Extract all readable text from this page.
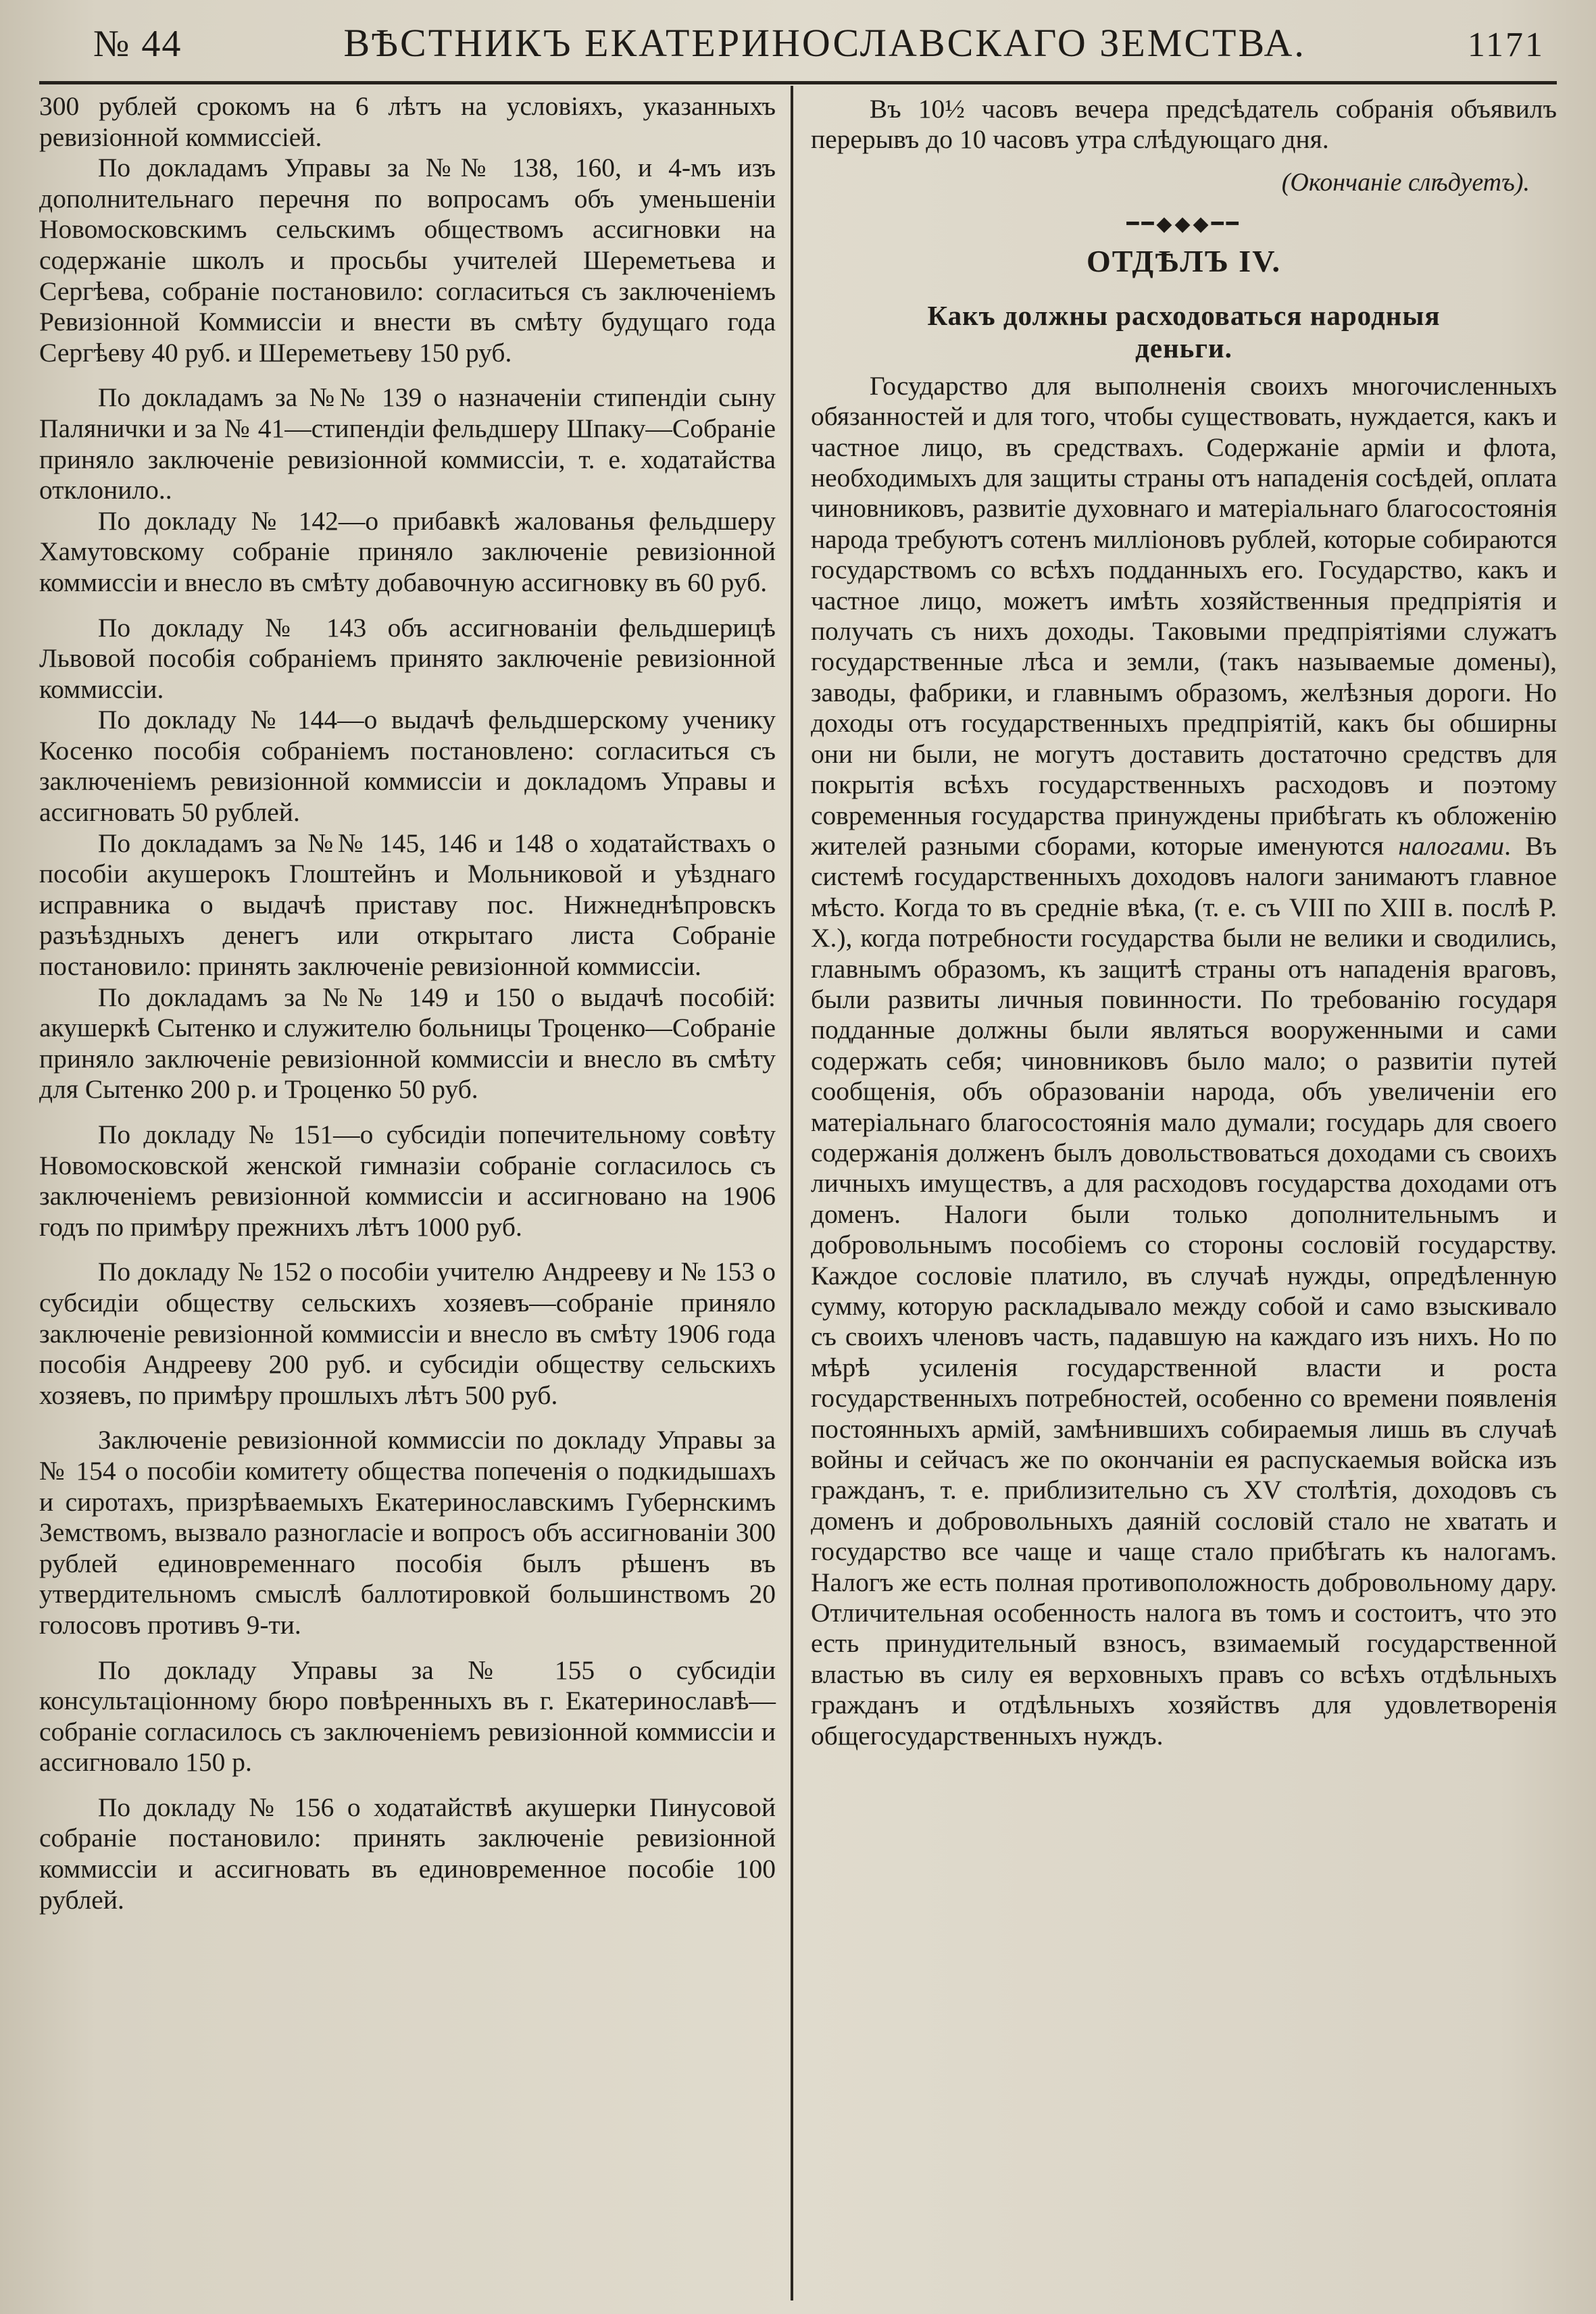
№ 44	ВѢСТНИКЪ ЕКАТЕРИНОСЛАВСКАГО ЗЕМСТВА.	1171

300 рублей срокомъ на 6 лѣтъ на условіяхъ, указанныхъ ревизіонной коммиссіей.

По докладамъ Управы за №№ 138, 160, и 4-мъ изъ дополнительнаго перечня по вопросамъ объ уменьшеніи Новомосковскимъ сельскимъ обществомъ ассигновки на содержаніе школъ и просьбы учителей Шереметьева и Сергѣева, собраніе постановило: согласиться съ заключеніемъ Ревизіонной Коммиссіи и внести въ смѣту будущаго года Сергѣеву 40 руб. и Шереметьеву 150 руб.

По докладамъ за №№ 139 о назначеніи стипендіи сыну Палянички и за № 41—стипендіи фельдшеру Шпаку—Собраніе приняло заключеніе ревизіонной коммиссіи, т. е. ходатайства отклонило..

По докладу № 142—о прибавкѣ жалованья фельдшеру Хамутовскому собраніе приняло заключеніе ревизіонной коммиссіи и внесло въ смѣту добавочную ассигновку въ 60 руб.

По докладу № 143 объ ассигнованіи фельдшерицѣ Львовой пособія собраніемъ принято заключеніе ревизіонной коммиссіи.

По докладу № 144—о выдачѣ фельдшерскому ученику Косенко пособія собраніемъ постановлено: согласиться съ заключеніемъ ревизіонной коммиссіи и докладомъ Управы и ассигновать 50 рублей.

По докладамъ за №№ 145, 146 и 148 о ходатайствахъ о пособіи акушерокъ Глоштейнъ и Мольниковой и уѣзднаго исправника о выдачѣ приставу пос. Нижнеднѣпровскъ разъѣздныхъ денегъ или открытаго листа Собраніе постановило: принять заключеніе ревизіонной коммиссіи.

По докладамъ за №№ 149 и 150 о выдачѣ пособій: акушеркѣ Сытенко и служителю больницы Троценко—Собраніе приняло заключеніе ревизіонной коммиссіи и внесло въ смѣту для Сытенко 200 р. и Троценко 50 руб.

По докладу № 151—о субсидіи попечительному совѣту Новомосковской женской гимназіи собраніе согласилось съ заключеніемъ ревизіонной коммиссіи и ассигновано на 1906 годъ по примѣру прежнихъ лѣтъ 1000 руб.

По докладу № 152 о пособіи учителю Андрееву и № 153 о субсидіи обществу сельскихъ хозяевъ—собраніе приняло заключеніе ревизіонной коммиссіи и внесло въ смѣту 1906 года пособія Андрееву 200 руб. и субсидіи обществу сельскихъ хозяевъ, по примѣру прошлыхъ лѣтъ 500 руб.

Заключеніе ревизіонной коммиссіи по докладу Управы за № 154 о пособіи комитету общества попеченія о подкидышахъ и сиротахъ, призрѣваемыхъ Екатеринославскимъ Губернскимъ Земствомъ, вызвало разногласіе и вопросъ объ ассигнованіи 300 рублей единовременнаго пособія былъ рѣшенъ въ утвердительномъ смыслѣ баллотировкой большинствомъ 20 голосовъ противъ 9-ти.

По докладу Управы за № 155 о субсидіи консультаціонному бюро повѣренныхъ въ г. Екатеринославѣ—собраніе согласилось съ заключеніемъ ревизіонной коммиссіи и ассигновало 150 р.

По докладу № 156 о ходатайствѣ акушерки Пинусовой собраніе постановило: принять заключеніе ревизіонной коммиссіи и ассигновать въ единовременное пособіе 100 рублей.

Въ 10½ часовъ вечера предсѣдатель собранія объявилъ перерывъ до 10 часовъ утра слѣдующаго дня.

(Окончаніе слѣдуетъ).
━━◆◆◆━━
ОТДѢЛЪ IV.
Какъ должны расходоваться народныя
деньги.

Государство для выполненія своихъ многочисленныхъ обязанностей и для того, чтобы существовать, нуждается, какъ и частное лицо, въ средствахъ. Содержаніе арміи и флота, необходимыхъ для защиты страны отъ нападенія сосѣдей, оплата чиновниковъ, развитіе духовнаго и матеріальнаго благосостоянія народа требуютъ сотенъ милліоновъ рублей, которые собираются государствомъ со всѣхъ подданныхъ его. Государство, какъ и частное лицо, можетъ имѣть хозяйственныя предпріятія и получать съ нихъ доходы. Таковыми предпріятіями служатъ государственные лѣса и земли, (такъ называемые домены), заводы, фабрики, и главнымъ образомъ, желѣзныя дороги. Но доходы отъ государственныхъ предпріятій, какъ бы обширны они ни были, не могутъ доставить достаточно средствъ для покрытія всѣхъ государственныхъ расходовъ и поэтому современныя государства принуждены прибѣгать къ обложенію жителей разными сборами, которые именуются налогами. Въ системѣ государственныхъ доходовъ налоги занимаютъ главное мѣсто. Когда то въ средніе вѣка, (т. е. съ VIII по XIII в. послѣ Р. Х.), когда потребности государства были не велики и сводились, главнымъ образомъ, къ защитѣ страны отъ нападенія враговъ, были развиты личныя повинности. По требованію государя подданные должны были являться вооруженными и сами содержать себя; чиновниковъ было мало; о развитіи путей сообщенія, объ образованіи народа, объ увеличеніи его матеріальнаго благосостоянія мало думали; государь для своего содержанія долженъ былъ довольствоваться доходами съ своихъ личныхъ имуществъ, а для расходовъ государства доходами отъ доменъ. Налоги были только дополнительнымъ и добровольнымъ пособіемъ со стороны сословій государству. Каждое сословіе платило, въ случаѣ нужды, опредѣленную сумму, которую раскладывало между собой и само взыскивало съ своихъ членовъ часть, падавшую на каждаго изъ нихъ. Но по мѣрѣ усиленія государственной власти и роста государственныхъ потребностей, особенно со времени появленія постоянныхъ армій, замѣнившихъ собираемыя лишь въ случаѣ войны и сейчасъ же по окончаніи ея распускаемыя войска изъ гражданъ, т. е. приблизительно съ XV столѣтія, доходовъ съ доменъ и добровольныхъ даяній сословій стало не хватать и государство все чаще и чаще стало прибѣгать къ налогамъ. Налогъ же есть полная противоположность добровольному дару. Отличительная особенность налога въ томъ и состоитъ, что это есть принудительный взносъ, взимаемый государственной властью въ силу ея верховныхъ правъ со всѣхъ отдѣльныхъ гражданъ и отдѣльныхъ хозяйствъ для удовлетворенія общегосударственныхъ нуждъ.
